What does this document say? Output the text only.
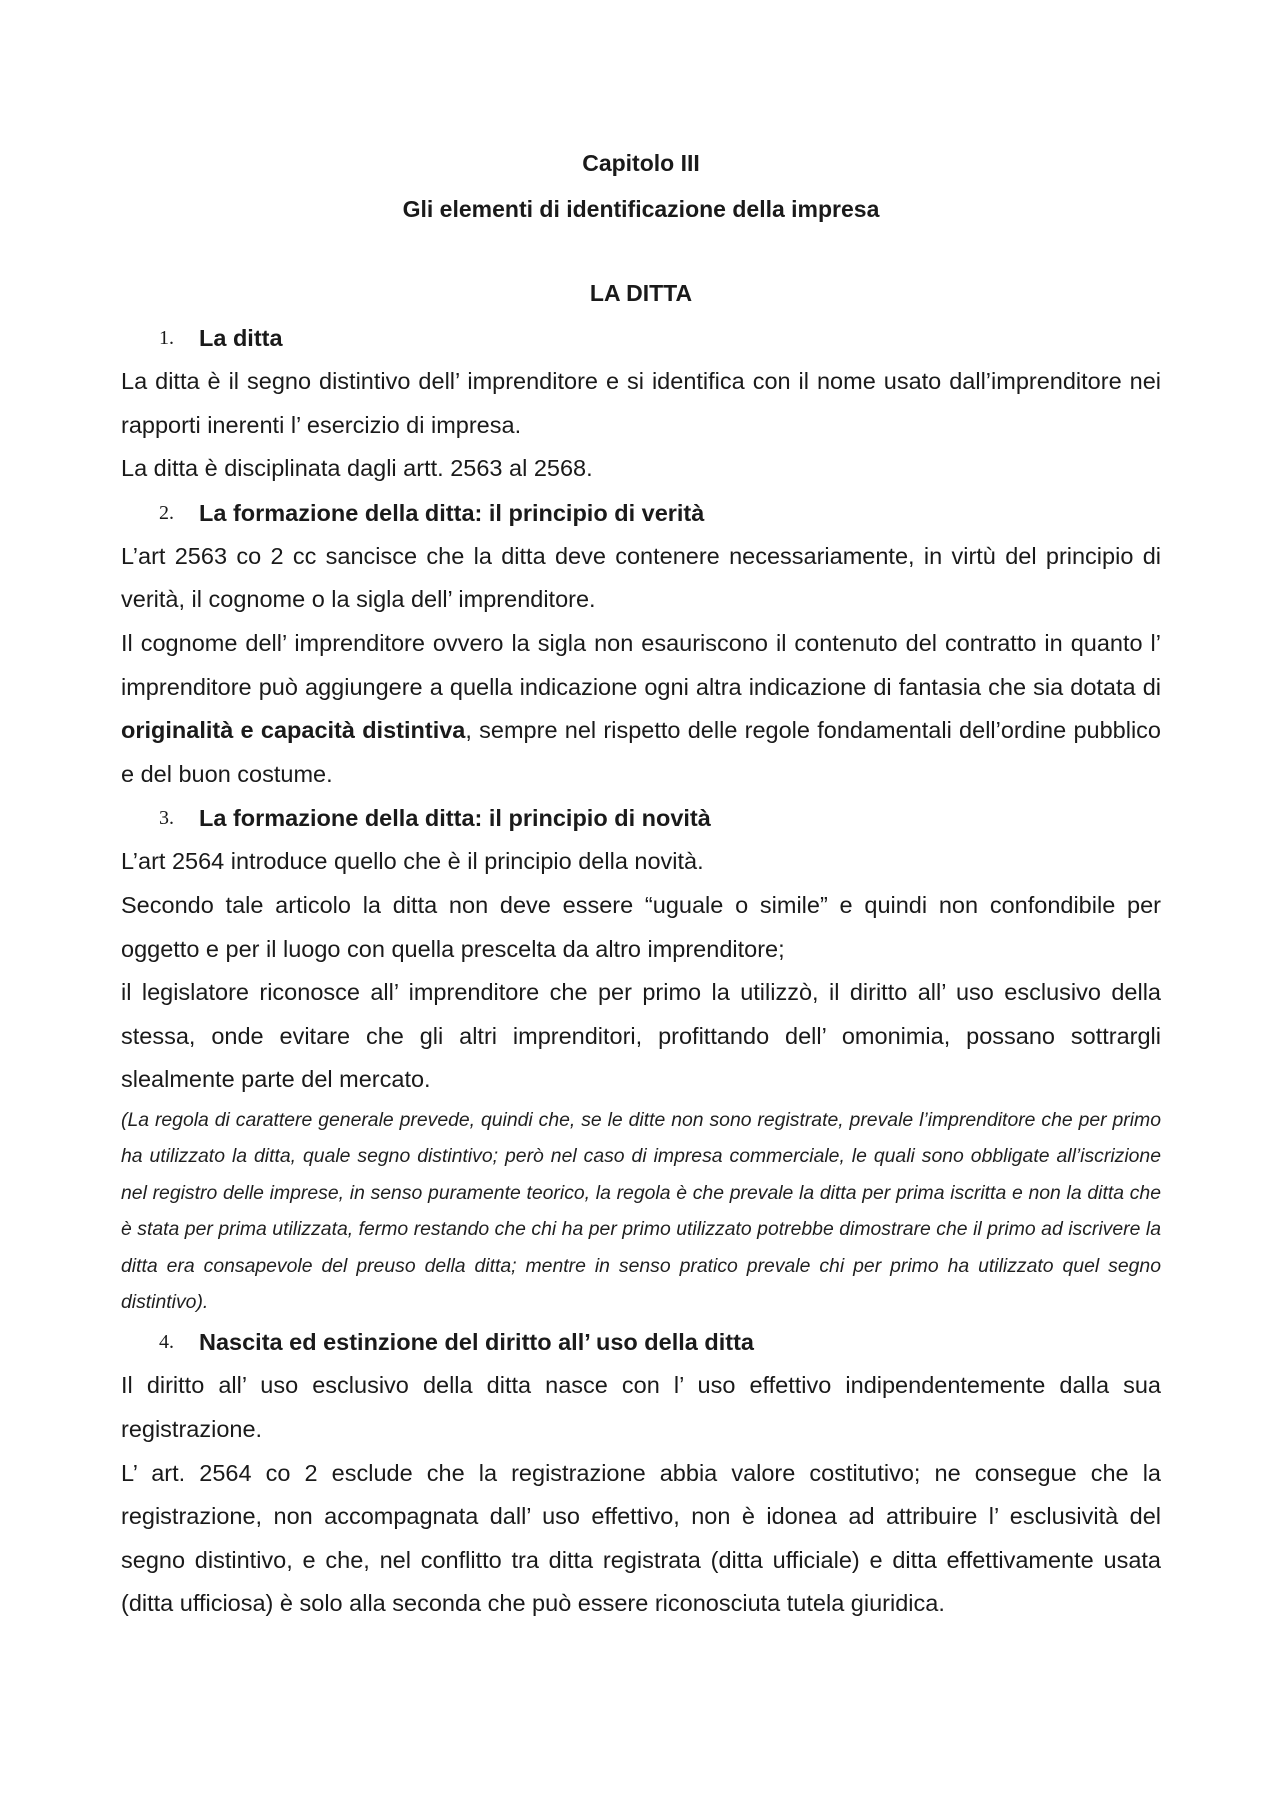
Capitolo III
Gli elementi di identificazione della impresa
LA DITTA
1. La ditta

La ditta è il segno distintivo dell’ imprenditore e si identifica con il nome usato dall’imprenditore nei rapporti inerenti l’ esercizio di impresa.

La ditta è disciplinata dagli artt. 2563 al 2568.

2. La formazione della ditta: il principio di verità

L’art 2563 co 2 cc sancisce che la ditta deve contenere necessariamente, in virtù del principio di verità, il cognome o la sigla dell’ imprenditore.

Il cognome dell’ imprenditore ovvero la sigla non esauriscono il contenuto del contratto in quanto l’ imprenditore può aggiungere a quella indicazione ogni altra indicazione di fantasia che sia dotata di originalità e capacità distintiva, sempre nel rispetto delle regole fondamentali dell’ordine pubblico e del buon costume.

3. La formazione della ditta: il principio di novità

L’art 2564 introduce quello che è il principio della novità.

Secondo tale articolo la ditta non deve essere “uguale o simile” e quindi non confondibile per oggetto e per il luogo con quella prescelta da altro imprenditore;

il legislatore riconosce all’ imprenditore che per primo la utilizzò, il diritto all’ uso esclusivo della stessa, onde evitare che gli altri imprenditori, profittando dell’ omonimia, possano sottrargli slealmente parte del mercato.

(La regola di carattere generale prevede, quindi che, se le ditte non sono registrate, prevale l’imprenditore che per primo ha utilizzato la ditta, quale segno distintivo; però nel caso di impresa commerciale, le quali sono obbligate all’iscrizione nel registro delle imprese, in senso puramente teorico, la regola è che prevale la ditta per prima iscritta e non la ditta che è stata per prima utilizzata, fermo restando che chi ha per primo utilizzato potrebbe dimostrare che il primo ad iscrivere la ditta era consapevole del preuso della ditta; mentre in senso pratico prevale chi per primo ha utilizzato quel segno distintivo).

4. Nascita ed estinzione del diritto all’ uso della ditta

Il diritto all’ uso esclusivo della ditta nasce con l’ uso effettivo indipendentemente dalla sua registrazione.

L’ art. 2564 co 2 esclude che la registrazione abbia valore costitutivo; ne consegue che la registrazione, non accompagnata dall’ uso effettivo, non è idonea ad attribuire l’ esclusività del segno distintivo, e che, nel conflitto tra ditta registrata (ditta ufficiale) e ditta effettivamente usata (ditta ufficiosa) è solo alla seconda che può essere riconosciuta tutela giuridica.
